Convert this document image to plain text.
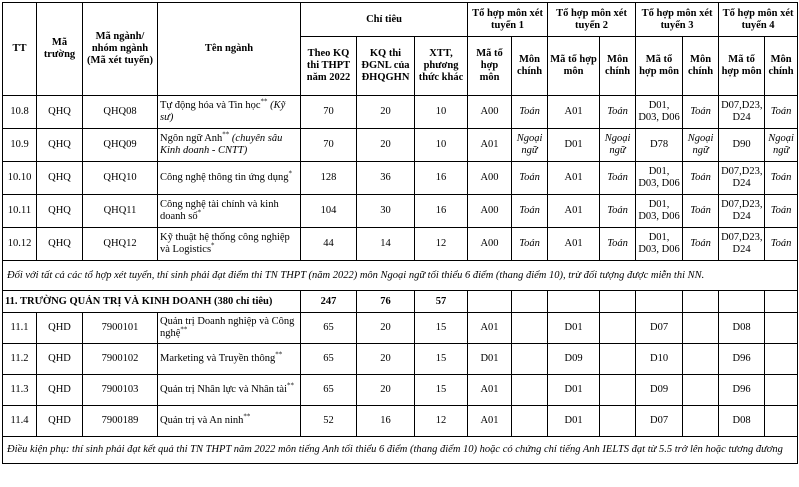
TT	Mã trường	Mã ngành/ nhóm ngành (Mã xét tuyển)	Tên ngành	Chỉ tiêu			Tổ hợp môn xét tuyển 1		Tổ hợp môn xét tuyển 2		Tổ hợp môn xét tuyển 3		Tổ hợp môn xét tuyển 4	
				Theo KQ thi THPT năm 2022	KQ thi ĐGNL của ĐHQGHN	XTT, phương thức khác	Mã tổ hợp môn	Môn chính	Mã tổ hợp môn	Môn chính	Mã tổ hợp môn	Môn chính	Mã tổ hợp môn	Môn chính
10.8	QHQ	QHQ08	Tự động hóa và Tin học** (Kỹ sư)	70	20	10	A00	Toán	A01	Toán	D01, D03, D06	Toán	D07,D23, D24	Toán
10.9	QHQ	QHQ09	Ngôn ngữ Anh** (chuyên sâu Kinh doanh - CNTT)	70	20	10	A01	Ngoại ngữ	D01	Ngoại ngữ	D78	Ngoại ngữ	D90	Ngoại ngữ
10.10	QHQ	QHQ10	Công nghệ thông tin ứng dụng*	128	36	16	A00	Toán	A01	Toán	D01, D03, D06	Toán	D07,D23, D24	Toán
10.11	QHQ	QHQ11	Công nghệ tài chính và kinh doanh số*	104	30	16	A00	Toán	A01	Toán	D01, D03, D06	Toán	D07,D23, D24	Toán
10.12	QHQ	QHQ12	Kỹ thuật hệ thống công nghiệp và Logistics*	44	14	12	A00	Toán	A01	Toán	D01, D03, D06	Toán	D07,D23, D24	Toán
Đối với tất cả các tổ hợp xét tuyển, thí sinh phải đạt điểm thi TN THPT (năm 2022) môn Ngoại ngữ tối thiểu 6 điểm (thang điểm 10), trừ đối tượng được miễn thi NN.														
11. TRƯỜNG QUẢN TRỊ VÀ KINH DOANH (380 chỉ tiêu)				247	76	57								
11.1	QHD	7900101	Quản trị Doanh nghiệp và Công nghệ**	65	20	15	A01		D01		D07		D08	
11.2	QHD	7900102	Marketing và Truyền thông**	65	20	15	D01		D09		D10		D96	
11.3	QHD	7900103	Quản trị Nhân lực và Nhân tài**	65	20	15	A01		D01		D09		D96	
11.4	QHD	7900189	Quản trị và An ninh**	52	16	12	A01		D01		D07		D08	
Điều kiện phụ: thí sinh phải đạt kết quả thi TN THPT năm 2022 môn tiếng Anh tối thiểu 6 điểm (thang điểm 10) hoặc có chứng chỉ tiếng Anh IELTS đạt từ 5.5 trở lên hoặc tương đương														
